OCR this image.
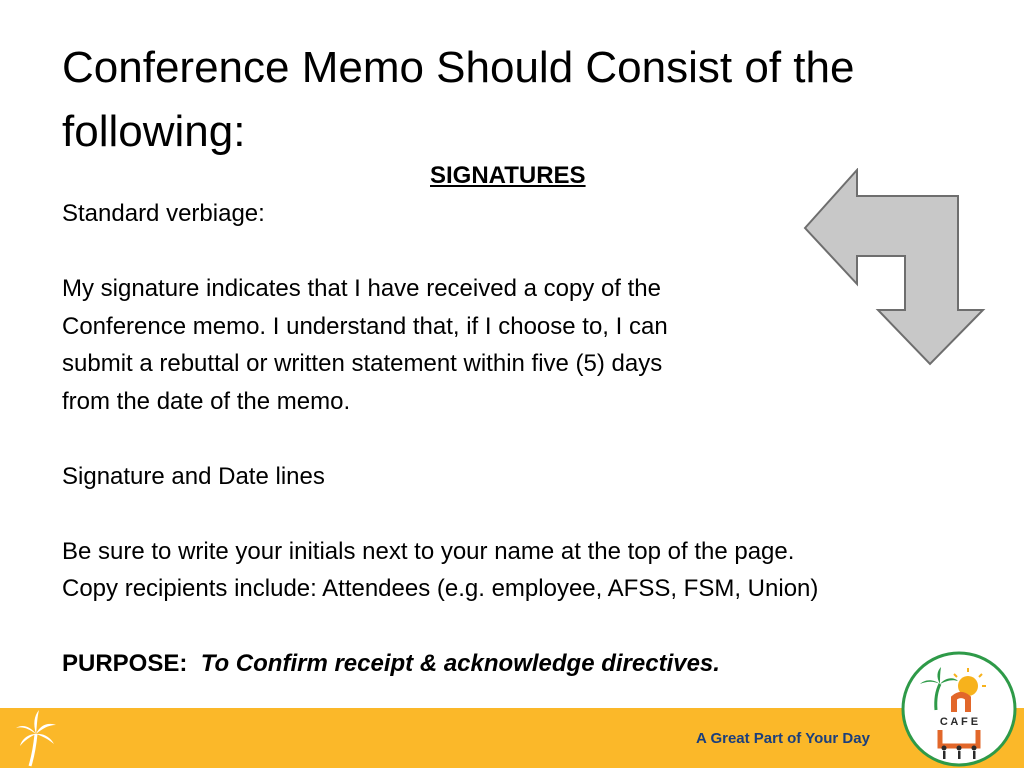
Conference Memo Should Consist of the following:
SIGNATURES
Standard verbiage:
My signature indicates that I have received a copy of the
Conference memo. I understand that, if I choose to, I can
submit a rebuttal or written statement within five (5) days
from the date of the memo.
Signature and Date lines
Be sure to write your initials next to your name at the top of the page.
Copy recipients include: Attendees (e.g. employee, AFSS, FSM, Union)
PURPOSE: To Confirm receipt & acknowledge directives.
A Great Part of Your Day
C A F E
